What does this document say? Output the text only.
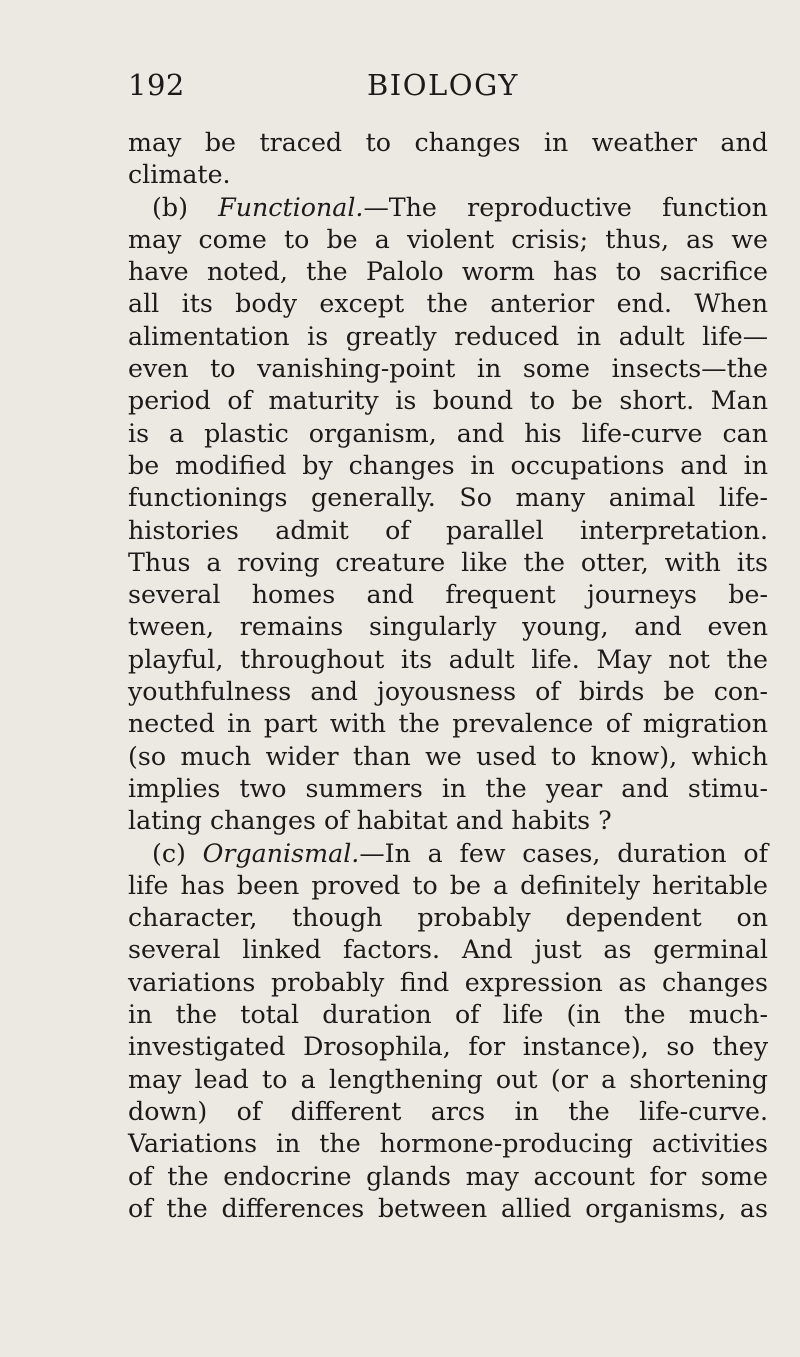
192	BIOLOGY
may be traced to changes in weather and
climate.
(b) Functional.—The reproductive function
may come to be a violent crisis; thus, as we
have noted, the Palolo worm has to sacrifice
all its body except the anterior end. When
alimentation is greatly reduced in adult life—
even to vanishing-point in some insects—the
period of maturity is bound to be short. Man
is a plastic organism, and his life-curve can
be modified by changes in occupations and in
functionings generally. So many animal life-
histories admit of parallel interpretation.
Thus a roving creature like the otter, with its
several homes and frequent journeys be-
tween, remains singularly young, and even
playful, throughout its adult life. May not the
youthfulness and joyousness of birds be con-
nected in part with the prevalence of migration
(so much wider than we used to know), which
implies two summers in the year and stimu-
lating changes of habitat and habits ?
(c) Organismal.—In a few cases, duration of
life has been proved to be a definitely heritable
character, though probably dependent on
several linked factors. And just as germinal
variations probably find expression as changes
in the total duration of life (in the much-
investigated Drosophila, for instance), so they
may lead to a lengthening out (or a shortening
down) of different arcs in the life-curve.
Variations in the hormone-producing activities
of the endocrine glands may account for some
of the differences between allied organisms, as
